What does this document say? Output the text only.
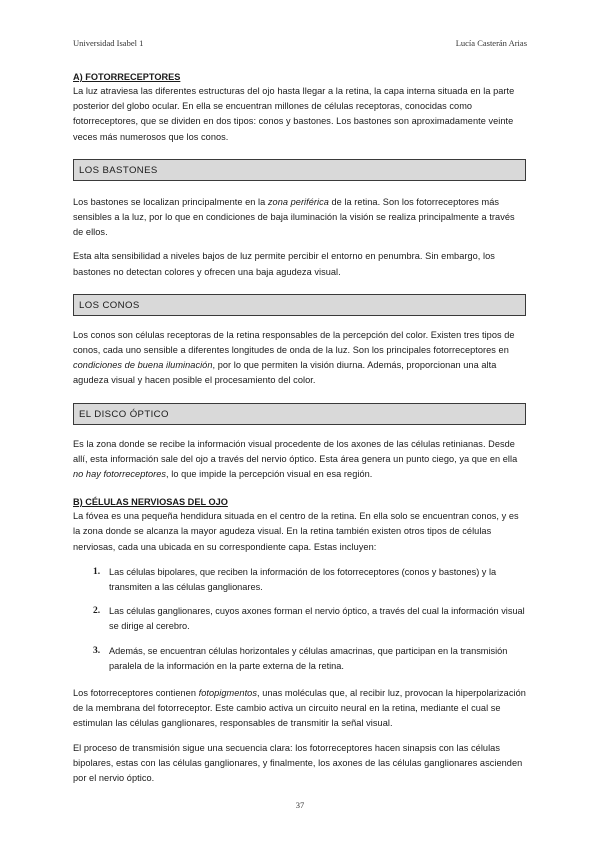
Universidad Isabel 1	Lucía Casterán Arias

A) FOTORRECEPTORES

La luz atraviesa las diferentes estructuras del ojo hasta llegar a la retina, la capa interna situada en la parte posterior del globo ocular. En ella se encuentran millones de células receptoras, conocidas como fotorreceptores, que se dividen en dos tipos: conos y bastones. Los bastones son aproximadamente veinte veces más numerosos que los conos.

LOS BASTONES

Los bastones se localizan principalmente en la zona periférica de la retina. Son los fotorreceptores más sensibles a la luz, por lo que en condiciones de baja iluminación la visión se realiza principalmente a través de ellos.

Esta alta sensibilidad a niveles bajos de luz permite percibir el entorno en penumbra. Sin embargo, los bastones no detectan colores y ofrecen una baja agudeza visual.

LOS CONOS

Los conos son células receptoras de la retina responsables de la percepción del color. Existen tres tipos de conos, cada uno sensible a diferentes longitudes de onda de la luz. Son los principales fotorreceptores en condiciones de buena iluminación, por lo que permiten la visión diurna. Además, proporcionan una alta agudeza visual y hacen posible el procesamiento del color.

EL DISCO ÓPTICO

Es la zona donde se recibe la información visual procedente de los axones de las células retinianas. Desde allí, esta información sale del ojo a través del nervio óptico. Esta área genera un punto ciego, ya que en ella no hay fotorreceptores, lo que impide la percepción visual en esa región.

B) CÉLULAS NERVIOSAS DEL OJO

La fóvea es una pequeña hendidura situada en el centro de la retina. En ella solo se encuentran conos, y es la zona donde se alcanza la mayor agudeza visual. En la retina también existen otros tipos de células nerviosas, cada una ubicada en su correspondiente capa. Estas incluyen:

1. Las células bipolares, que reciben la información de los fotorreceptores (conos y bastones) y la transmiten a las células ganglionares.
2. Las células ganglionares, cuyos axones forman el nervio óptico, a través del cual la información visual se dirige al cerebro.
3. Además, se encuentran células horizontales y células amacrinas, que participan en la transmisión paralela de la información en la parte externa de la retina.

Los fotorreceptores contienen fotopigmentos, unas moléculas que, al recibir luz, provocan la hiperpolarización de la membrana del fotorreceptor. Este cambio activa un circuito neural en la retina, mediante el cual se estimulan las células ganglionares, responsables de transmitir la señal visual.

El proceso de transmisión sigue una secuencia clara: los fotorreceptores hacen sinapsis con las células bipolares, estas con las células ganglionares, y finalmente, los axones de las células ganglionares ascienden por el nervio óptico.

37
